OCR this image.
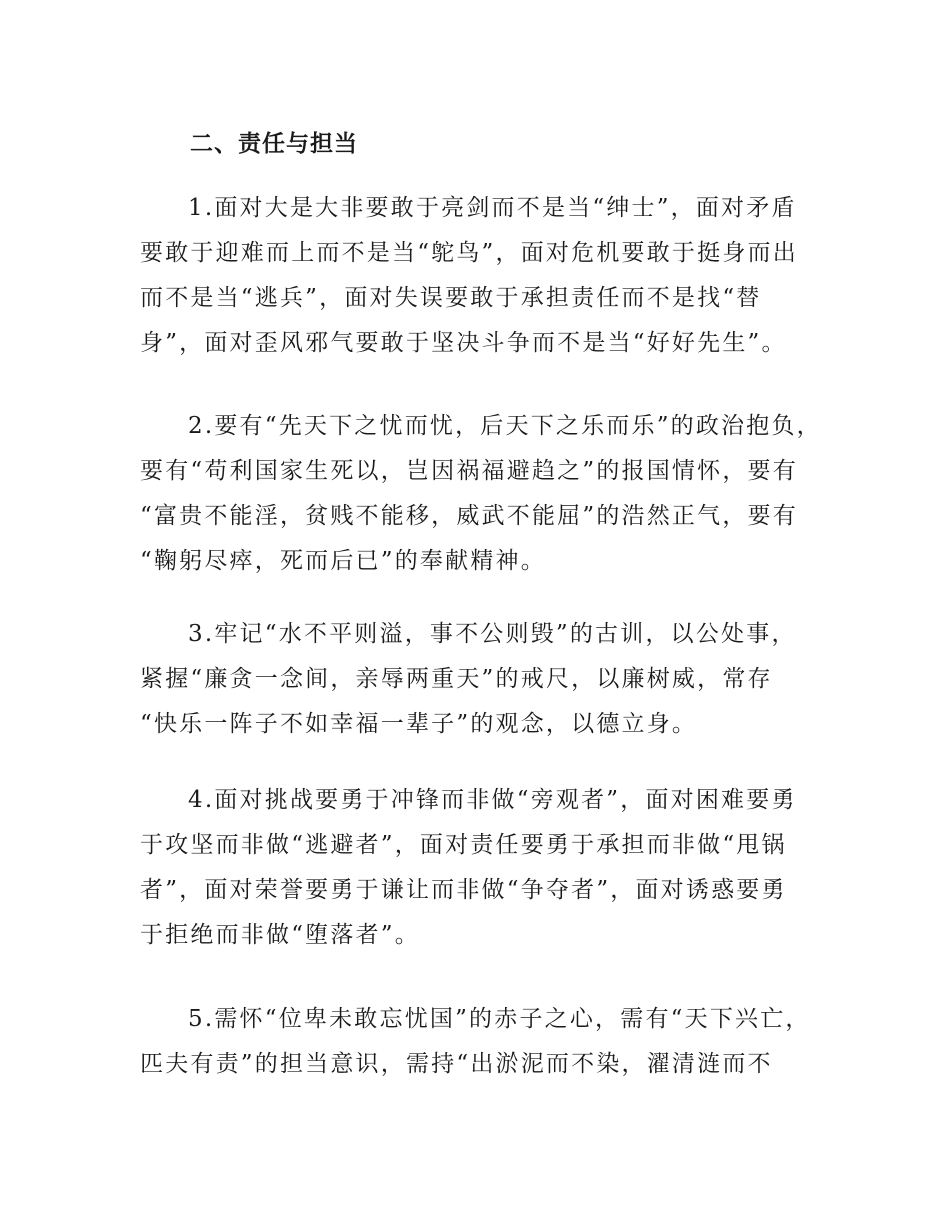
二、责任与担当
1.面对大是大非要敢于亮剑而不是当“绅士”，面对矛盾
要敢于迎难而上而不是当“鸵鸟”，面对危机要敢于挺身而出
而不是当“逃兵”，面对失误要敢于承担责任而不是找“替
身”，面对歪风邪气要敢于坚决斗争而不是当“好好先生”。
2.要有“先天下之忧而忧，后天下之乐而乐”的政治抱负，
要有“苟利国家生死以，岂因祸福避趋之”的报国情怀，要有
“富贵不能淫，贫贱不能移，威武不能屈”的浩然正气，要有
“鞠躬尽瘁，死而后已”的奉献精神。
3.牢记“水不平则溢，事不公则毁”的古训，以公处事，
紧握“廉贪一念间，亲辱两重天”的戒尺，以廉树威，常存
“快乐一阵子不如幸福一辈子”的观念，以德立身。
4.面对挑战要勇于冲锋而非做“旁观者”，面对困难要勇
于攻坚而非做“逃避者”，面对责任要勇于承担而非做“甩锅
者”，面对荣誉要勇于谦让而非做“争夺者”，面对诱惑要勇
于拒绝而非做“堕落者”。
5.需怀“位卑未敢忘忧国”的赤子之心，需有“天下兴亡，
匹夫有责”的担当意识，需持“出淤泥而不染，濯清涟而不
